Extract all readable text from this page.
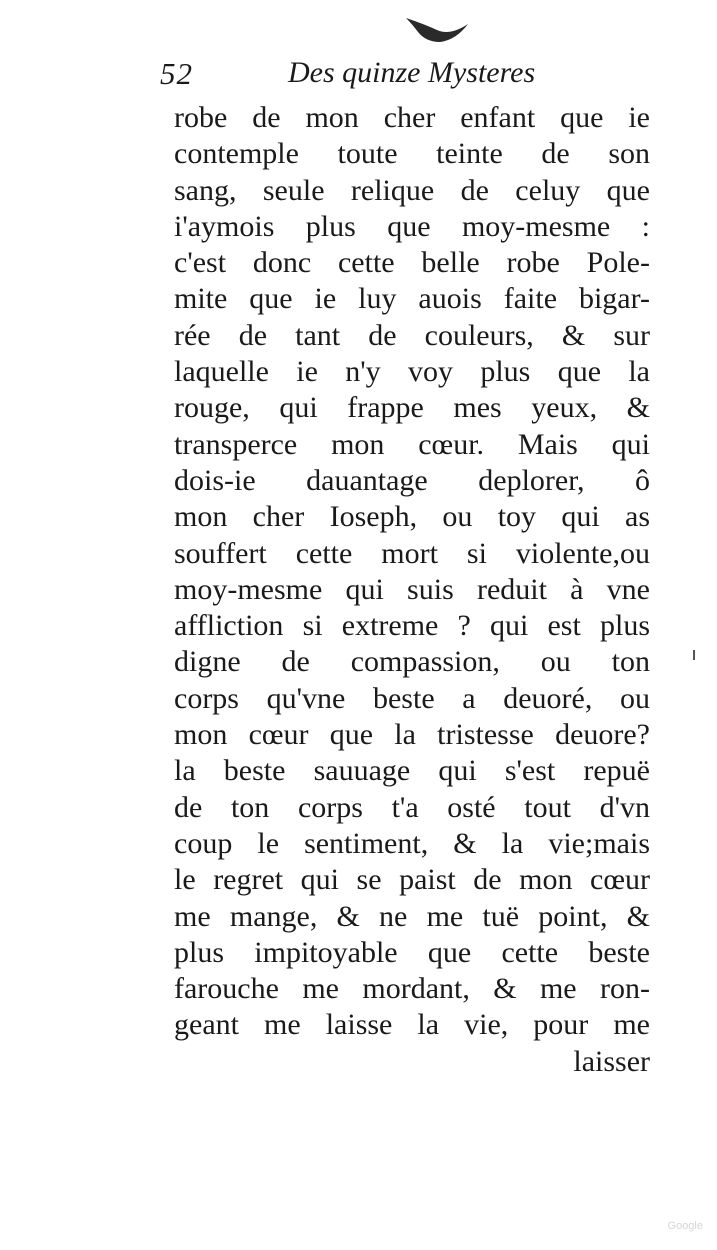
52	Des quinze Mysteres
robe de mon cher enfant que ie
contemple toute teinte de son
sang, seule relique de celuy que
i'aymois plus que moy-mesme :
c'est donc cette belle robe Pole-
mite que ie luy auois faite bigar-
rée de tant de couleurs, & sur
laquelle ie n'y voy plus que la
rouge, qui frappe mes yeux, &
transperce mon cœur. Mais qui
dois-ie dauantage deplorer, ô
mon cher Ioseph, ou toy qui as
souffert cette mort si violente,ou
moy-mesme qui suis reduit à vne
affliction si extreme ? qui est plus
digne de compassion, ou ton
corps qu'vne beste a deuoré, ou
mon cœur que la tristesse deuore?
la beste sauuage qui s'est repuë
de ton corps t'a osté tout d'vn
coup le sentiment, & la vie;mais
le regret qui se paist de mon cœur
me mange, & ne me tuë point, &
plus impitoyable que cette beste
farouche me mordant, & me ron-
geant me laisse la vie, pour me
laisser
Google
